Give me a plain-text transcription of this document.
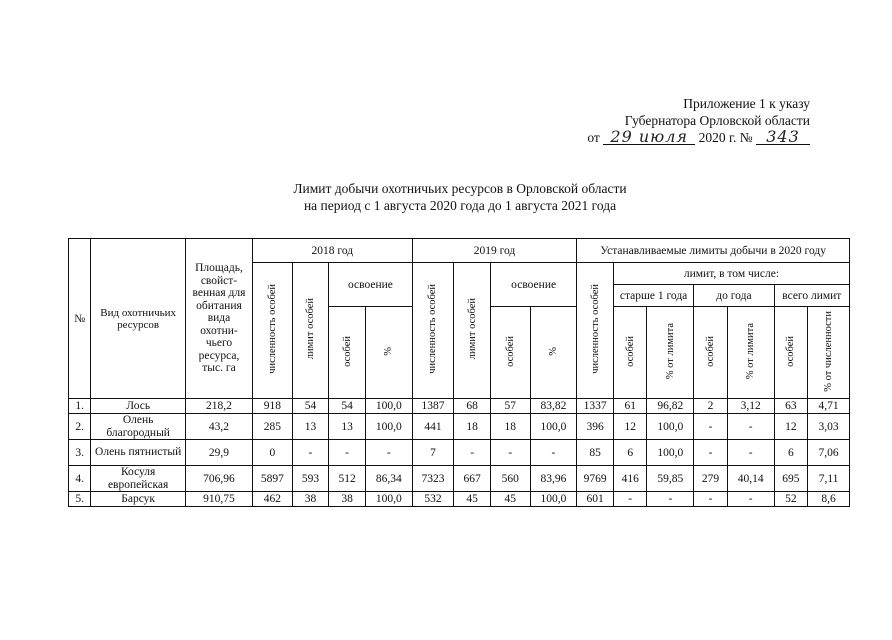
Приложение 1 к указу
Губернатора Орловской области
от 29 июля 2020 г. № 343
Лимит добычи охотничьих ресурсов в Орловской области
на период с 1 августа 2020 года до 1 августа 2021 года
№	Вид охотничьих ресурсов	Площадь, свойст-венная для обитания вида охотни-чьего ресурса, тыс. га	2018 год				2019 год				Устанавливаемые лимиты добычи в 2020 году						
			численность особей	лимит особей	освоение		численность особей	лимит особей	освоение		численность особей	лимит, в том числе:					
												старше 1 года		до года		всего лимит	
					особей	%			особей	%		особей	% от лимита	особей	% от лимита	особей	% от численности
1.	Лось	218,2	918	54	54	100,0	1387	68	57	83,82	1337	61	96,82	2	3,12	63	4,71
2.	Олень благородный	43,2	285	13	13	100,0	441	18	18	100,0	396	12	100,0	-	-	12	3,03
3.	Олень пятнистый	29,9	0	-	-	-	7	-	-	-	85	6	100,0	-	-	6	7,06
4.	Косуля европейская	706,96	5897	593	512	86,34	7323	667	560	83,96	9769	416	59,85	279	40,14	695	7,11
5.	Барсук	910,75	462	38	38	100,0	532	45	45	100,0	601	-	-	-	-	52	8,6
